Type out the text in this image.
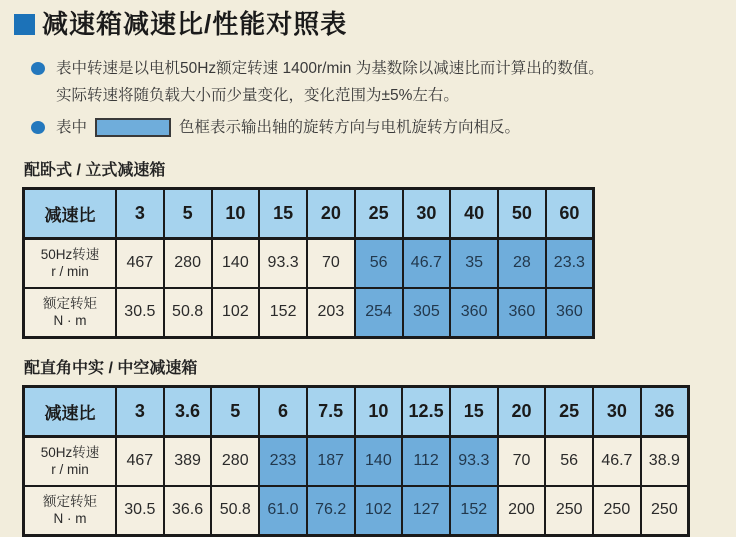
减速箱减速比/性能对照表
表中转速是以电机50Hz额定转速 1400r/min 为基数除以减速比而计算出的数值。
实际转速将随负载大小而少量变化，变化范围为±5%左右。
表中	色框表示输出轴的旋转方向与电机旋转方向相反。
配卧式 / 立式减速箱
减速比	3	5	10	15	20	25	30	40	50	60

50Hz转速
r / min	467	280	140	93.3	70	56	46.7	35	28	23.3

额定转矩
N · m	30.5	50.8	102	152	203	254	305	360	360	360
配直角中实 / 中空减速箱
减速比	3	3.6	5	6	7.5	10	12.5	15	20	25	30	36

50Hz转速
r / min	467	389	280	233	187	140	112	93.3	70	56	46.7	38.9

额定转矩
N · m	30.5	36.6	50.8	61.0	76.2	102	127	152	200	250	250	250
